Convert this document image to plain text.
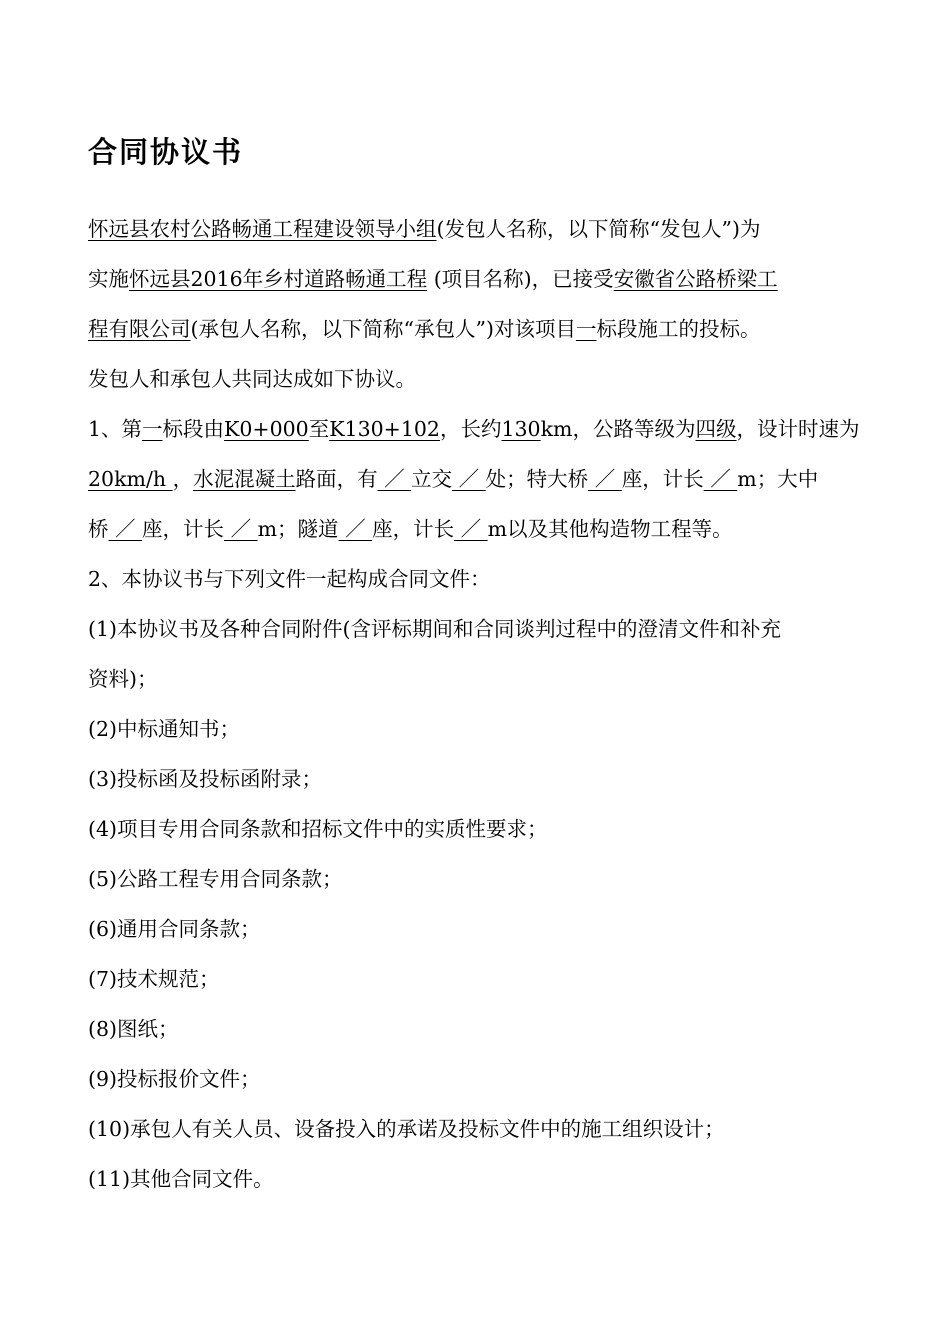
合同协议书
怀远县农村公路畅通工程建设领导小组(发包人名称，以下简称“发包人”)为
实施怀远县2016年乡村道路畅通工程 (项目名称)，已接受安徽省公路桥梁工
程有限公司(承包人名称，以下简称“承包人”)对该项目一标段施工的投标。
发包人和承包人共同达成如下协议。
1、第一标段由K0+000至K130+102，长约130km，公路等级为四级，设计时速为
20km/h ，水泥混凝土路面，有 ／ 立交 ／ 处；特大桥 ／ 座，计长 ／ m；大中
桥 ／ 座，计长 ／ m；隧道 ／ 座，计长 ／ m以及其他构造物工程等。
2、本协议书与下列文件一起构成合同文件：
(1)本协议书及各种合同附件(含评标期间和合同谈判过程中的澄清文件和补充
资料)；
(2)中标通知书；
(3)投标函及投标函附录；
(4)项目专用合同条款和招标文件中的实质性要求；
(5)公路工程专用合同条款；
(6)通用合同条款；
(7)技术规范；
(8)图纸；
(9)投标报价文件；
(10)承包人有关人员、设备投入的承诺及投标文件中的施工组织设计；
(11)其他合同文件。
